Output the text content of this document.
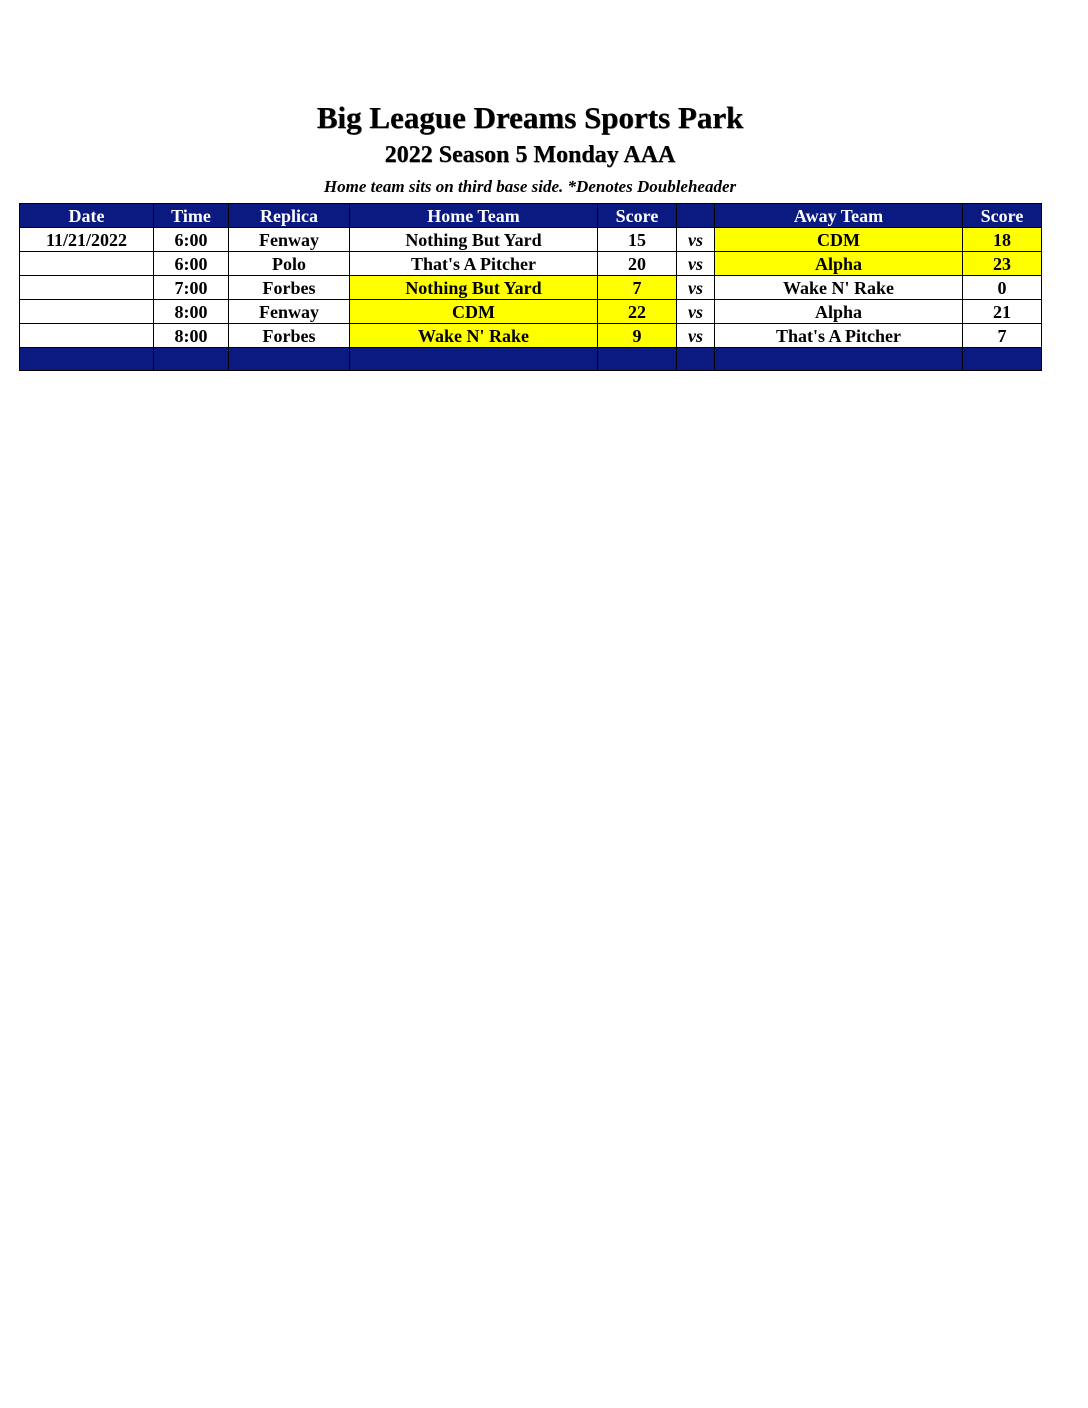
Big League Dreams Sports Park
2022 Season 5 Monday AAA
Home team sits on third base side. *Denotes Doubleheader
Date	Time	Replica	Home Team	Score		Away Team	Score
11/21/2022	6:00	Fenway	Nothing But Yard	15	vs	CDM	18
	6:00	Polo	That's A Pitcher	20	vs	Alpha	23
	7:00	Forbes	Nothing But Yard	7	vs	Wake N' Rake	0
	8:00	Fenway	CDM	22	vs	Alpha	21
	8:00	Forbes	Wake N' Rake	9	vs	That's A Pitcher	7
